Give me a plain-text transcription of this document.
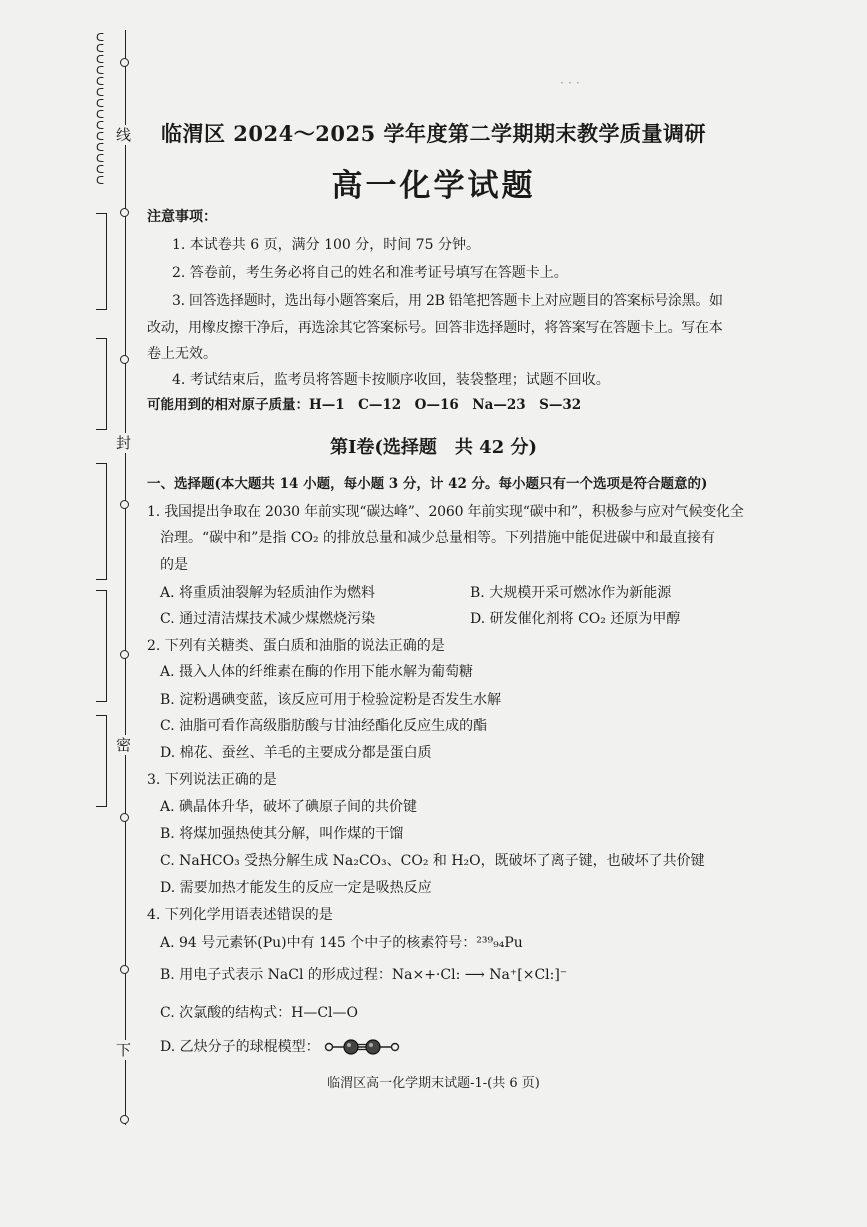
ᑕ
ᑕ
ᑕ
ᑕ
ᑕ
ᑕ
ᑕ
ᑕ
ᑕ
ᑕ
ᑕ
ᑕ
ᑕ
ᑕ
线
封
密
下
· · ·
临渭区 2024～2025 学年度第二学期期末教学质量调研
高一化学试题
注意事项：
1. 本试卷共 6 页，满分 100 分，时间 75 分钟。
2. 答卷前，考生务必将自己的姓名和准考证号填写在答题卡上。
3. 回答选择题时，选出每小题答案后，用 2B 铅笔把答题卡上对应题目的答案标号涂黑。如
改动，用橡皮擦干净后，再选涂其它答案标号。回答非选择题时，将答案写在答题卡上。写在本
卷上无效。
4. 考试结束后，监考员将答题卡按顺序收回，装袋整理；试题不回收。
可能用到的相对原子质量：H—1　C—12　O—16　Na—23　S—32
第Ⅰ卷(选择题　共 42 分)
一、选择题(本大题共 14 小题，每小题 3 分，计 42 分。每小题只有一个选项是符合题意的)
1. 我国提出争取在 2030 年前实现“碳达峰”、2060 年前实现“碳中和”，积极参与应对气候变化全
治理。“碳中和”是指 CO₂ 的排放总量和减少总量相等。下列措施中能促进碳中和最直接有
的是
A. 将重质油裂解为轻质油作为燃料	B. 大规模开采可燃冰作为新能源
C. 通过清洁煤技术减少煤燃烧污染	D. 研发催化剂将 CO₂ 还原为甲醇
2. 下列有关糖类、蛋白质和油脂的说法正确的是
A. 摄入人体的纤维素在酶的作用下能水解为葡萄糖
B. 淀粉遇碘变蓝，该反应可用于检验淀粉是否发生水解
C. 油脂可看作高级脂肪酸与甘油经酯化反应生成的酯
D. 棉花、蚕丝、羊毛的主要成分都是蛋白质
3. 下列说法正确的是
A. 碘晶体升华，破坏了碘原子间的共价键
B. 将煤加强热使其分解，叫作煤的干馏
C. NaHCO₃ 受热分解生成 Na₂CO₃、CO₂ 和 H₂O，既破坏了离子键，也破坏了共价键
D. 需要加热才能发生的反应一定是吸热反应
4. 下列化学用语表述错误的是
A. 94 号元素钚(Pu)中有 145 个中子的核素符号：²³⁹₉₄Pu
B. 用电子式表示 NaCl 的形成过程：Na×+·Cl: ⟶ Na⁺[×Cl:]⁻
C. 次氯酸的结构式：H—Cl—O
D. 乙炔分子的球棍模型：
临渭区高一化学期末试题-1-(共 6 页)
